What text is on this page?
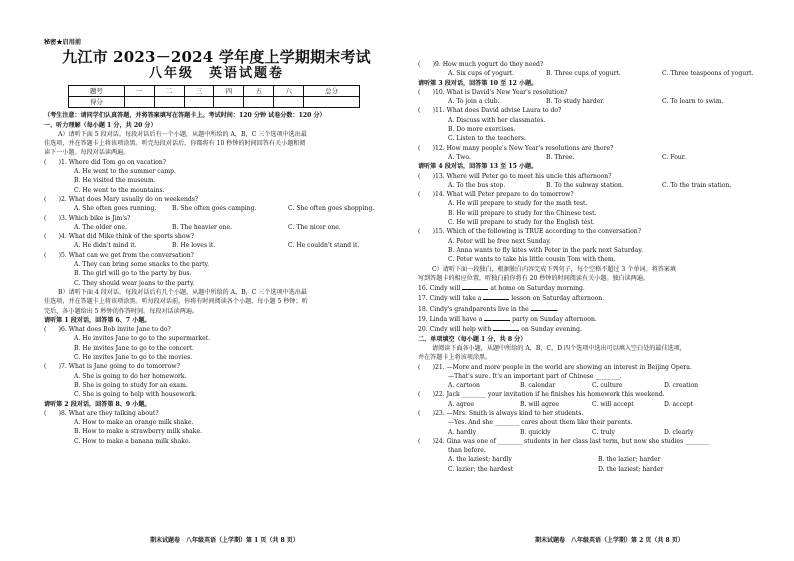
秘密★启用前
九江市 2023－2024 学年度上学期期末考试
八年级　英语试题卷
题号	一	二	三	四	五	六	总分
得分							
（考生注意：请同学们认真答题，并将答案填写在答题卡上。考试时间：120 分钟 试卷分数：120 分）
一、听力理解（每小题 1 分，共 20 分）
A）请听下面 5 段对话。每段对话后有一个小题，从题中所给的 A，B，C 三个选项中选出最
佳选项，并在答题卡上将该项涂黑。听完每段对话后，你都将有 10 秒钟的时间回答有关小题和阅
读下一小题。每段对话读两遍。
(　　)1. Where did Tom go on vacation?
A. He went to the summer camp.
B. He visited the museum.
C. He went to the mountains.
(　　)2. What does Mary usually do on weekends?
A. She often goes running.	B. She often goes camping.	C. She often goes shopping.
(　　)3. Which bike is Jim's?
A. The older one.	B. The heavier one.	C. The nicer one.
(　　)4. What did Mike think of the sports show?
A. He didn't mind it.	B. He loves it.	C. He couldn't stand it.
(　　)5. What can we get from the conversation?
A. They can bring some snacks to the party.
B. The girl will go to the party by bus.
C. They should wear jeans to the party.
B）请听下面 4 段对话。每段对话后有几个小题，从题中所给的 A，B，C 三个选项中选出最
佳选项，并在答题卡上将该项涂黑。听每段对话前，你将有时间阅读各个小题，每小题 5 秒钟；听
完后，各小题给出 5 秒钟的作答时间。每段对话读两遍。
请听第 1 段对话，回答第 6、7 小题。
(　　)6. What does Bob invite Jane to do?
A. He invites Jane to go to the supermarket.
B. He invites Jane to go to the concert.
C. He invites Jane to go to the movies.
(　　)7. What is Jane going to do tomorrow?
A. She is going to do her homework.
B. She is going to study for an exam.
C. She is going to help with housework.
请听第 2 段对话，回答第 8、9 小题。
(　　)8. What are they talking about?
A. How to make an orange milk shake.
B. How to make a strawberry milk shake.
C. How to make a banana milk shake.
(　　)9. How much yogurt do they need?
A. Six cups of yogurt.	B. Three cups of yogurt.	C. Three teaspoons of yogurt.
请听第 3 段对话，回答第 10 至 12 小题。
(　　)10. What is David's New Year's resolution?
A. To join a club.	B. To study harder.	C. To learn to swim.
(　　)11. What does David advise Laura to do?
A. Discuss with her classmates.
B. Do more exercises.
C. Listen to the teachers.
(　　)12. How many people's New Year's resolutions are there?
A. Two.	B. Three.	C. Four.
请听第 4 段对话，回答第 13 至 15 小题。
(　　)13. Where will Peter go to meet his uncle this afternoon?
A. To the bus stop.	B. To the subway station.	C. To the train station.
(　　)14. What will Peter prepare to do tomorrow?
A. He will prepare to study for the math test.
B. He will prepare to study for the Chinese test.
C. He will prepare to study for the English test.
(　　)15. Which of the following is TRUE according to the conversation?
A. Peter will be free next Sunday.
B. Anna wants to fly kites with Peter in the park next Saturday.
C. Peter wants to take his little cousin Tom with them.
C）请听下面一段独白，根据独白内容完成下列句子，每个空格不超过 3 个单词。将答案填
写到答题卡的相应位置。听独白前你将有 20 秒钟的时间阅读有关小题。独白读两遍。
16. Cindy will	at home on Saturday morning.
17. Cindy will take a	lesson on Saturday afternoon.
18. Cindy's grandparents live in the	.
19. Linda will have a	party on Sunday afternoon.
20. Cindy will help with	on Sunday evening.
二、单项填空（每小题 1 分，共 8 分）
请阅读下面各小题，从题中所给的 A，B，C，D 四个选项中选出可以填入空白处的最佳选项，
并在答题卡上将该项涂黑。
(　　)21. —More and more people in the world are showing an interest in Beijing Opera.
—That's sure. It's an important part of Chinese ________.
A. cartoon	B. calendar	C. culture	D. creation
(　　)22. Jack ________ your invitation if he finishes his homework this weekend.
A. agree	B. will agree	C. will accept	D. accept
(　　)23. —Mrs. Smith is always kind to her students.
—Yes. And she ________ cares about them like their parents.
A. hardly	B. quickly	C. truly	D. clearly
(　　)24. Gina was one of ________ students in her class last term, but now she studies ________
than before.
A. the laziest; hardly	B. the lazier; harder
C. lazier; the hardest	D. the laziest; harder
期末试题卷　八年级英语（上学期）第 1 页（共 8 页）	期末试题卷　八年级英语（上学期）第 2 页（共 8 页）
